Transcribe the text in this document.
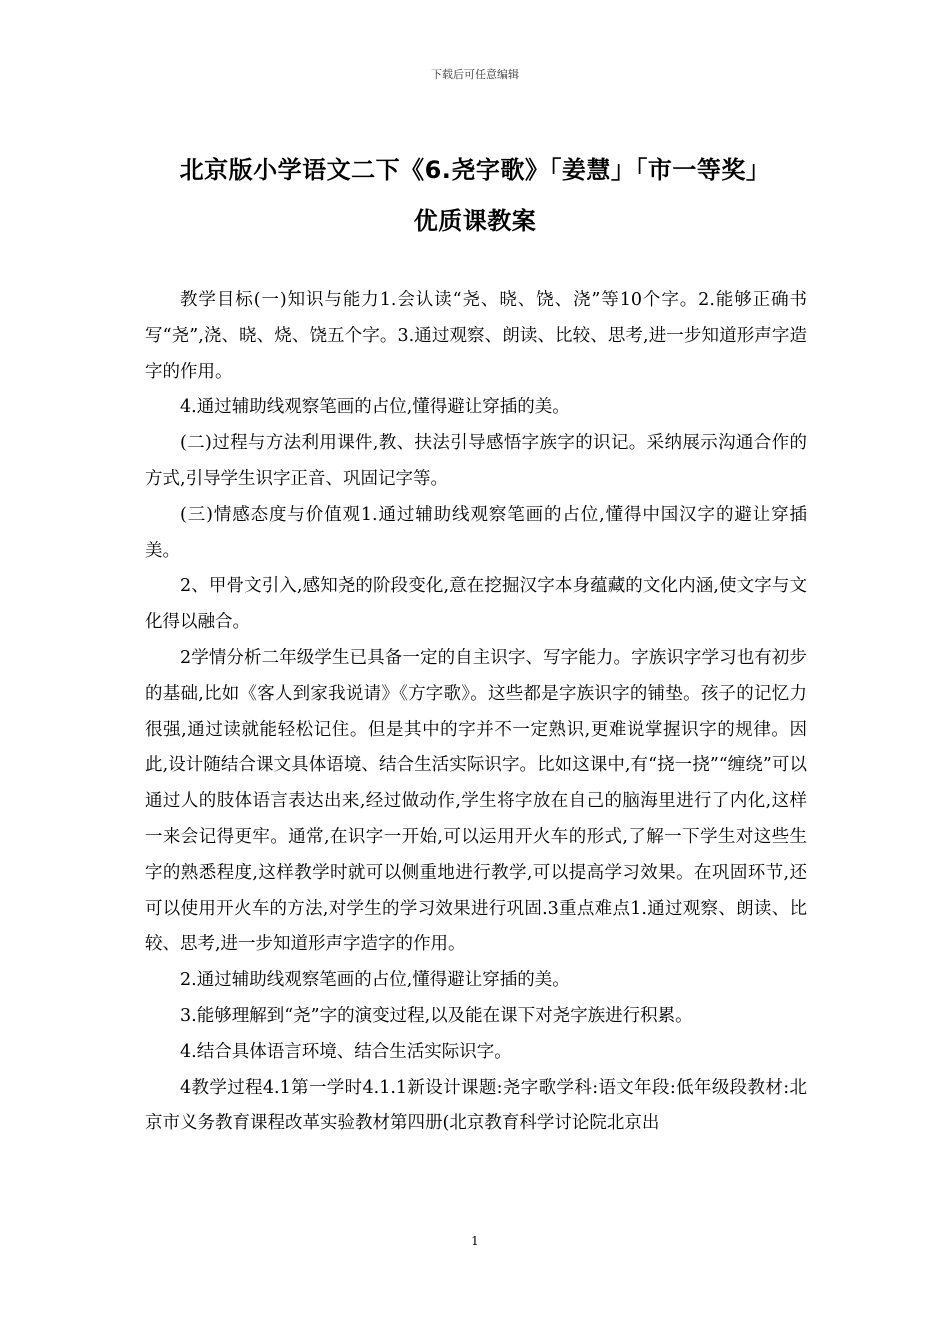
下载后可任意编辑
北京版小学语文二下《6.尧字歌》「姜慧」「市一等奖」
优质课教案

教学目标(一)知识与能力1.会认读“尧、晓、饶、浇”等10个字。2.能够正确书写“尧”,浇、晓、烧、饶五个字。3.通过观察、朗读、比较、思考,进一步知道形声字造字的作用。

4.通过辅助线观察笔画的占位,懂得避让穿插的美。

(二)过程与方法利用课件,教、扶法引导感悟字族字的识记。采纳展示沟通合作的方式,引导学生识字正音、巩固记字等。

(三)情感态度与价值观1.通过辅助线观察笔画的占位,懂得中国汉字的避让穿插美。

2、甲骨文引入,感知尧的阶段变化,意在挖掘汉字本身蕴藏的文化内涵,使文字与文化得以融合。

2学情分析二年级学生已具备一定的自主识字、写字能力。字族识字学习也有初步的基础,比如《客人到家我说请》《方字歌》。这些都是字族识字的铺垫。孩子的记忆力很强,通过读就能轻松记住。但是其中的字并不一定熟识,更难说掌握识字的规律。因此,设计随结合课文具体语境、结合生活实际识字。比如这课中,有“挠一挠”“缠绕”可以通过人的肢体语言表达出来,经过做动作,学生将字放在自己的脑海里进行了内化,这样一来会记得更牢。通常,在识字一开始,可以运用开火车的形式,了解一下学生对这些生字的熟悉程度,这样教学时就可以侧重地进行教学,可以提高学习效果。在巩固环节,还可以使用开火车的方法,对学生的学习效果进行巩固.3重点难点1.通过观察、朗读、比较、思考,进一步知道形声字造字的作用。

2.通过辅助线观察笔画的占位,懂得避让穿插的美。

3.能够理解到“尧”字的演变过程,以及能在课下对尧字族进行积累。

4.结合具体语言环境、结合生活实际识字。

4教学过程4.1第一学时4.1.1新设计课题:尧字歌学科:语文年段:低年级段教材:北京市义务教育课程改革实验教材第四册(北京教育科学讨论院北京出

1
